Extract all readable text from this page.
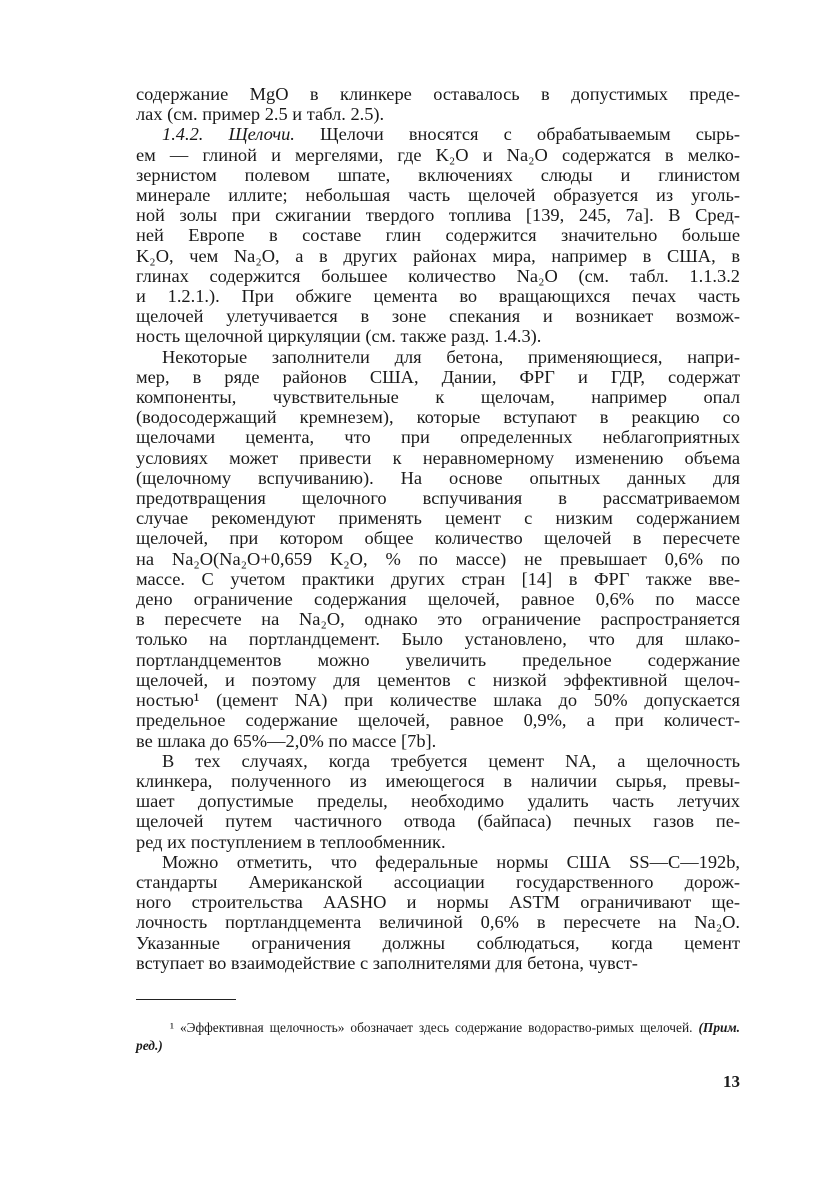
содержание MgO в клинкере оставалось в допустимых преде-

лах (см. пример 2.5 и табл. 2.5).

1.4.2. Щелочи. Щелочи вносятся с обрабатываемым сырь-

ем — глиной и мергелями, где K₂O и Na₂O содержатся в мелко-

зернистом полевом шпате, включениях слюды и глинистом

минерале иллите; небольшая часть щелочей образуется из уголь-

ной золы при сжигании твердого топлива [139, 245, 7а]. В Сред-

ней Европе в составе глин содержится значительно больше

K₂O, чем Na₂O, а в других районах мира, например в США, в

глинах содержится большее количество Na₂O (см. табл. 1.1.3.2

и 1.2.1.). При обжиге цемента во вращающихся печах часть

щелочей улетучивается в зоне спекания и возникает возмож-

ность щелочной циркуляции (см. также разд. 1.4.3).

Некоторые заполнители для бетона, применяющиеся, напри-

мер, в ряде районов США, Дании, ФРГ и ГДР, содержат

компоненты, чувствительные к щелочам, например опал

(водосодержащий кремнезем), которые вступают в реакцию со

щелочами цемента, что при определенных неблагоприятных

условиях может привести к неравномерному изменению объема

(щелочному вспучиванию). На основе опытных данных для

предотвращения щелочного вспучивания в рассматриваемом

случае рекомендуют применять цемент с низким содержанием

щелочей, при котором общее количество щелочей в пересчете

на Na₂O(Na₂O+0,659 K₂O, % по массе) не превышает 0,6% по

массе. С учетом практики других стран [14] в ФРГ также вве-

дено ограничение содержания щелочей, равное 0,6% по массе

в пересчете на Na₂O, однако это ограничение распространяется

только на портландцемент. Было установлено, что для шлако-

портландцементов можно увеличить предельное содержание

щелочей, и поэтому для цементов с низкой эффективной щелоч-

ностью¹ (цемент NA) при количестве шлака до 50% допускается

предельное содержание щелочей, равное 0,9%, а при количест-

ве шлака до 65%—2,0% по массе [7b].

В тех случаях, когда требуется цемент NA, а щелочность

клинкера, полученного из имеющегося в наличии сырья, превы-

шает допустимые пределы, необходимо удалить часть летучих

щелочей путем частичного отвода (байпаса) печных газов пе-

ред их поступлением в теплообменник.

Можно отметить, что федеральные нормы США SS—C—192b,

стандарты Американской ассоциации государственного дорож-

ного строительства AASHO и нормы ASTM ограничивают ще-

лочность портландцемента величиной 0,6% в пересчете на Na₂O.

Указанные ограничения должны соблюдаться, когда цемент

вступает во взаимодействие с заполнителями для бетона, чувст-

¹ «Эффективная щелочность» обозначает здесь содержание водораство-римых щелочей. (Прим. ред.)
13
